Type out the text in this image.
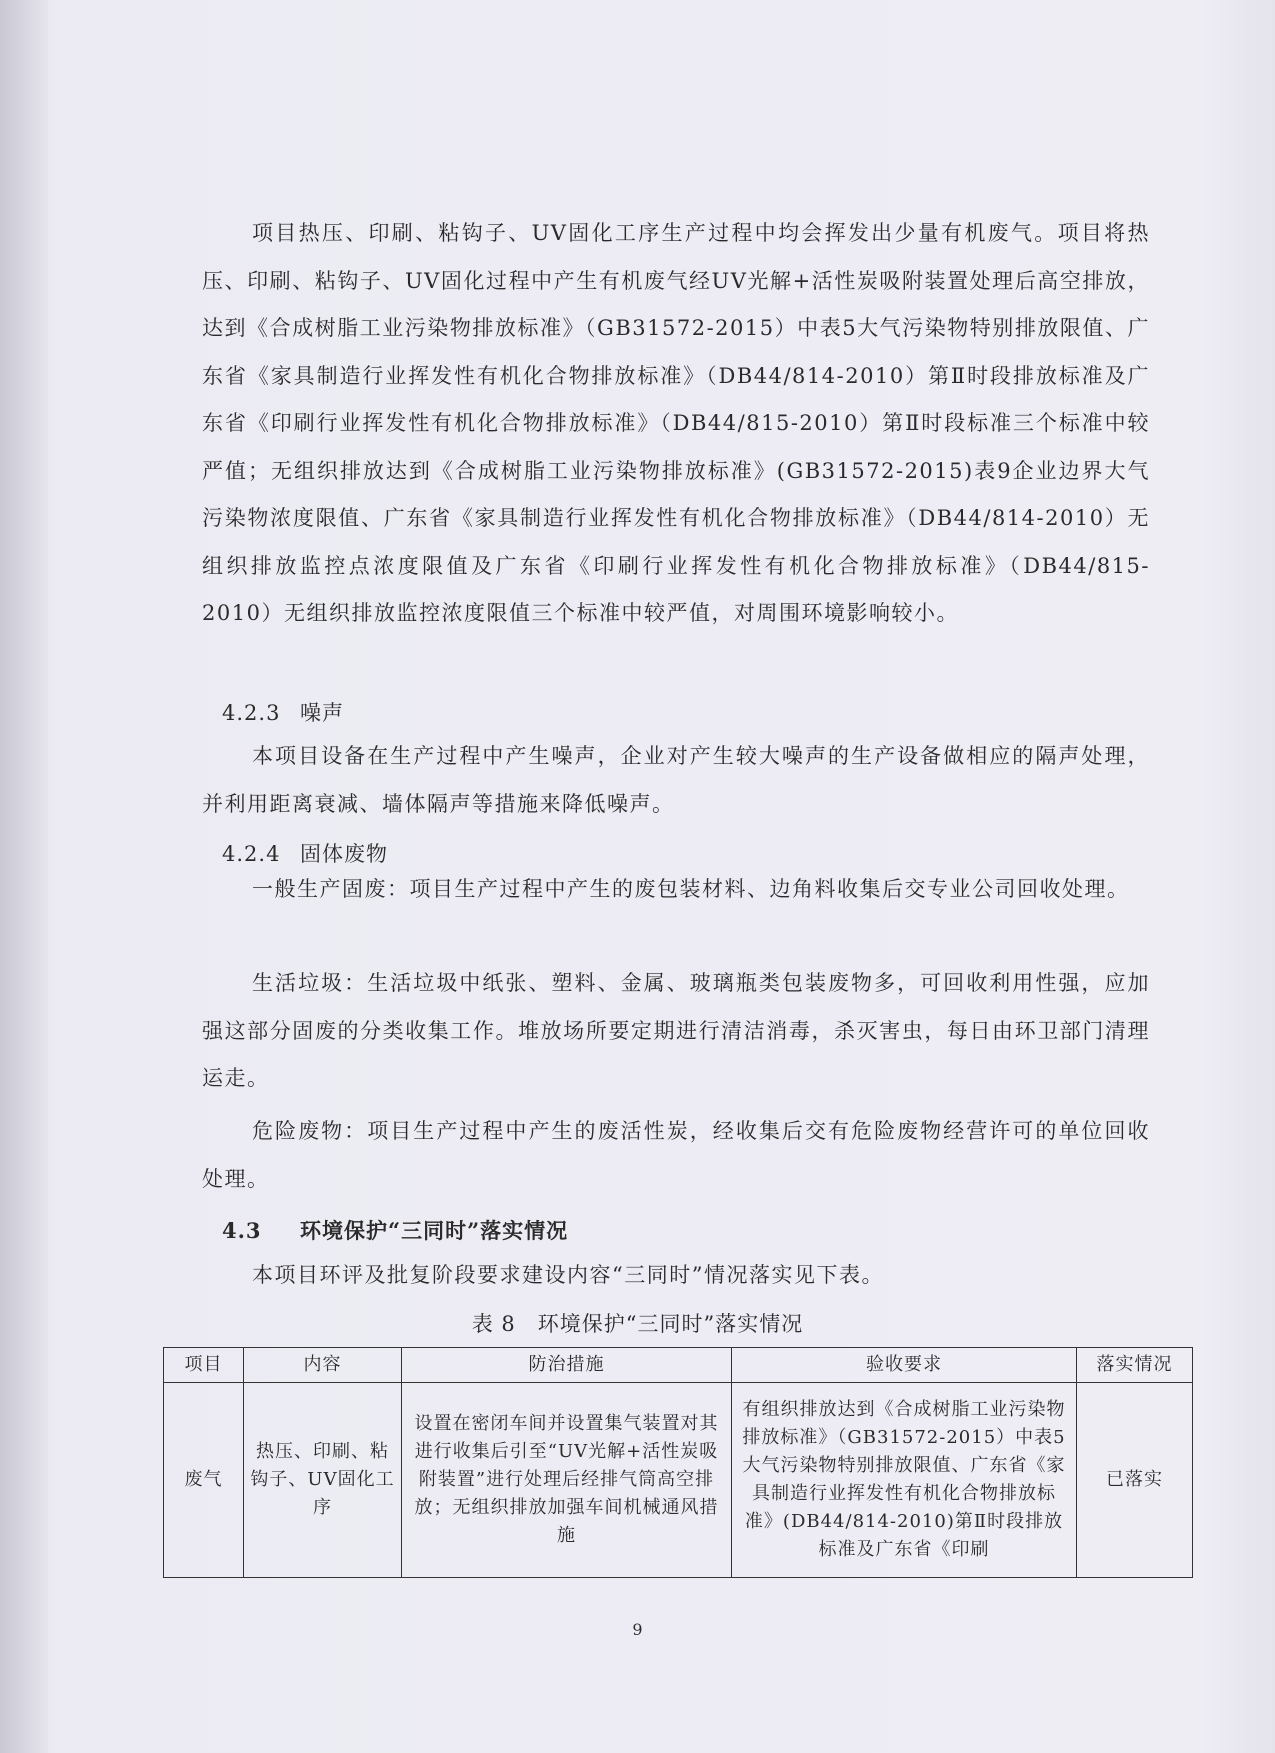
项目热压、印刷、粘钩子、UV固化工序生产过程中均会挥发出少量有机废气。项目将热压、印刷、粘钩子、UV固化过程中产生有机废气经UV光解+活性炭吸附装置处理后高空排放，达到《合成树脂工业污染物排放标准》（GB31572-2015）中表5大气污染物特别排放限值、广东省《家具制造行业挥发性有机化合物排放标准》（DB44/814-2010）第Ⅱ时段排放标准及广东省《印刷行业挥发性有机化合物排放标准》（DB44/815-2010）第Ⅱ时段标准三个标准中较严值；无组织排放达到《合成树脂工业污染物排放标准》(GB31572-2015)表9企业边界大气污染物浓度限值、广东省《家具制造行业挥发性有机化合物排放标准》（DB44/814-2010）无组织排放监控点浓度限值及广东省《印刷行业挥发性有机化合物排放标准》（DB44/815-2010）无组织排放监控浓度限值三个标准中较严值，对周围环境影响较小。

4.2.3 噪声

本项目设备在生产过程中产生噪声，企业对产生较大噪声的生产设备做相应的隔声处理，并利用距离衰减、墙体隔声等措施来降低噪声。

4.2.4 固体废物

一般生产固废：项目生产过程中产生的废包装材料、边角料收集后交专业公司回收处理。

生活垃圾：生活垃圾中纸张、塑料、金属、玻璃瓶类包装废物多，可回收利用性强，应加强这部分固废的分类收集工作。堆放场所要定期进行清洁消毒，杀灭害虫，每日由环卫部门清理运走。

危险废物：项目生产过程中产生的废活性炭，经收集后交有危险废物经营许可的单位回收处理。

4.3 环境保护“三同时”落实情况

本项目环评及批复阶段要求建设内容“三同时”情况落实见下表。

表 8　环境保护“三同时”落实情况
项目	内容	防治措施	验收要求	落实情况
废气	热压、印刷、粘钩子、UV固化工序	设置在密闭车间并设置集气装置对其进行收集后引至“UV光解+活性炭吸附装置”进行处理后经排气筒高空排放；无组织排放加强车间机械通风措施	有组织排放达到《合成树脂工业污染物排放标准》（GB31572-2015）中表5大气污染物特别排放限值、广东省《家具制造行业挥发性有机化合物排放标准》(DB44/814-2010)第Ⅱ时段排放标准及广东省《印刷	已落实
9
